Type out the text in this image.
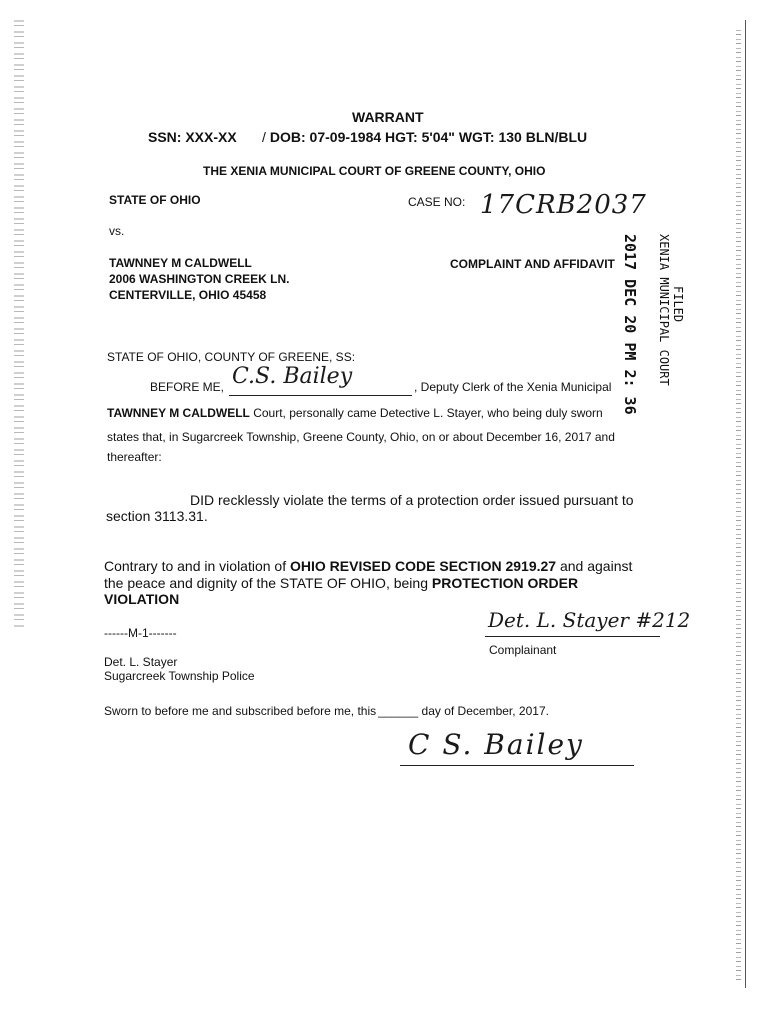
WARRANT
SSN: XXX-XX / DOB: 07-09-1984 HGT: 5'04" WGT: 130 BLN/BLU
THE XENIA MUNICIPAL COURT OF GREENE COUNTY, OHIO
STATE OF OHIO	CASE NO: 17CRB2037
vs.
TAWNNEY M CALDWELL
2006 WASHINGTON CREEK LN.
CENTERVILLE, OHIO 45458
COMPLAINT AND AFFIDAVIT 2017 DEC 20 PM 2: 36 XENIA MUNICIPAL COURT FILED
STATE OF OHIO, COUNTY OF GREENE, SS:
BEFORE ME, C.S. Bailey	, Deputy Clerk of the Xenia Municipal
TAWNNEY M CALDWELL Court, personally came Detective L. Stayer, who being duly sworn
states that, in Sugarcreek Township, Greene County, Ohio, on or about December 16, 2017 and
thereafter:
DID recklessly violate the terms of a protection order issued pursuant to
section 3113.31.
Contrary to and in violation of OHIO REVISED CODE SECTION 2919.27 and against
the peace and dignity of the STATE OF OHIO, being PROTECTION ORDER
VIOLATION
------M-1-------
Det. L. Stayer #212
Complainant
Det. L. Stayer
Sugarcreek Township Police
Sworn to before me and subscribed before me, this ______ day of December, 2017.
C S. Bailey
